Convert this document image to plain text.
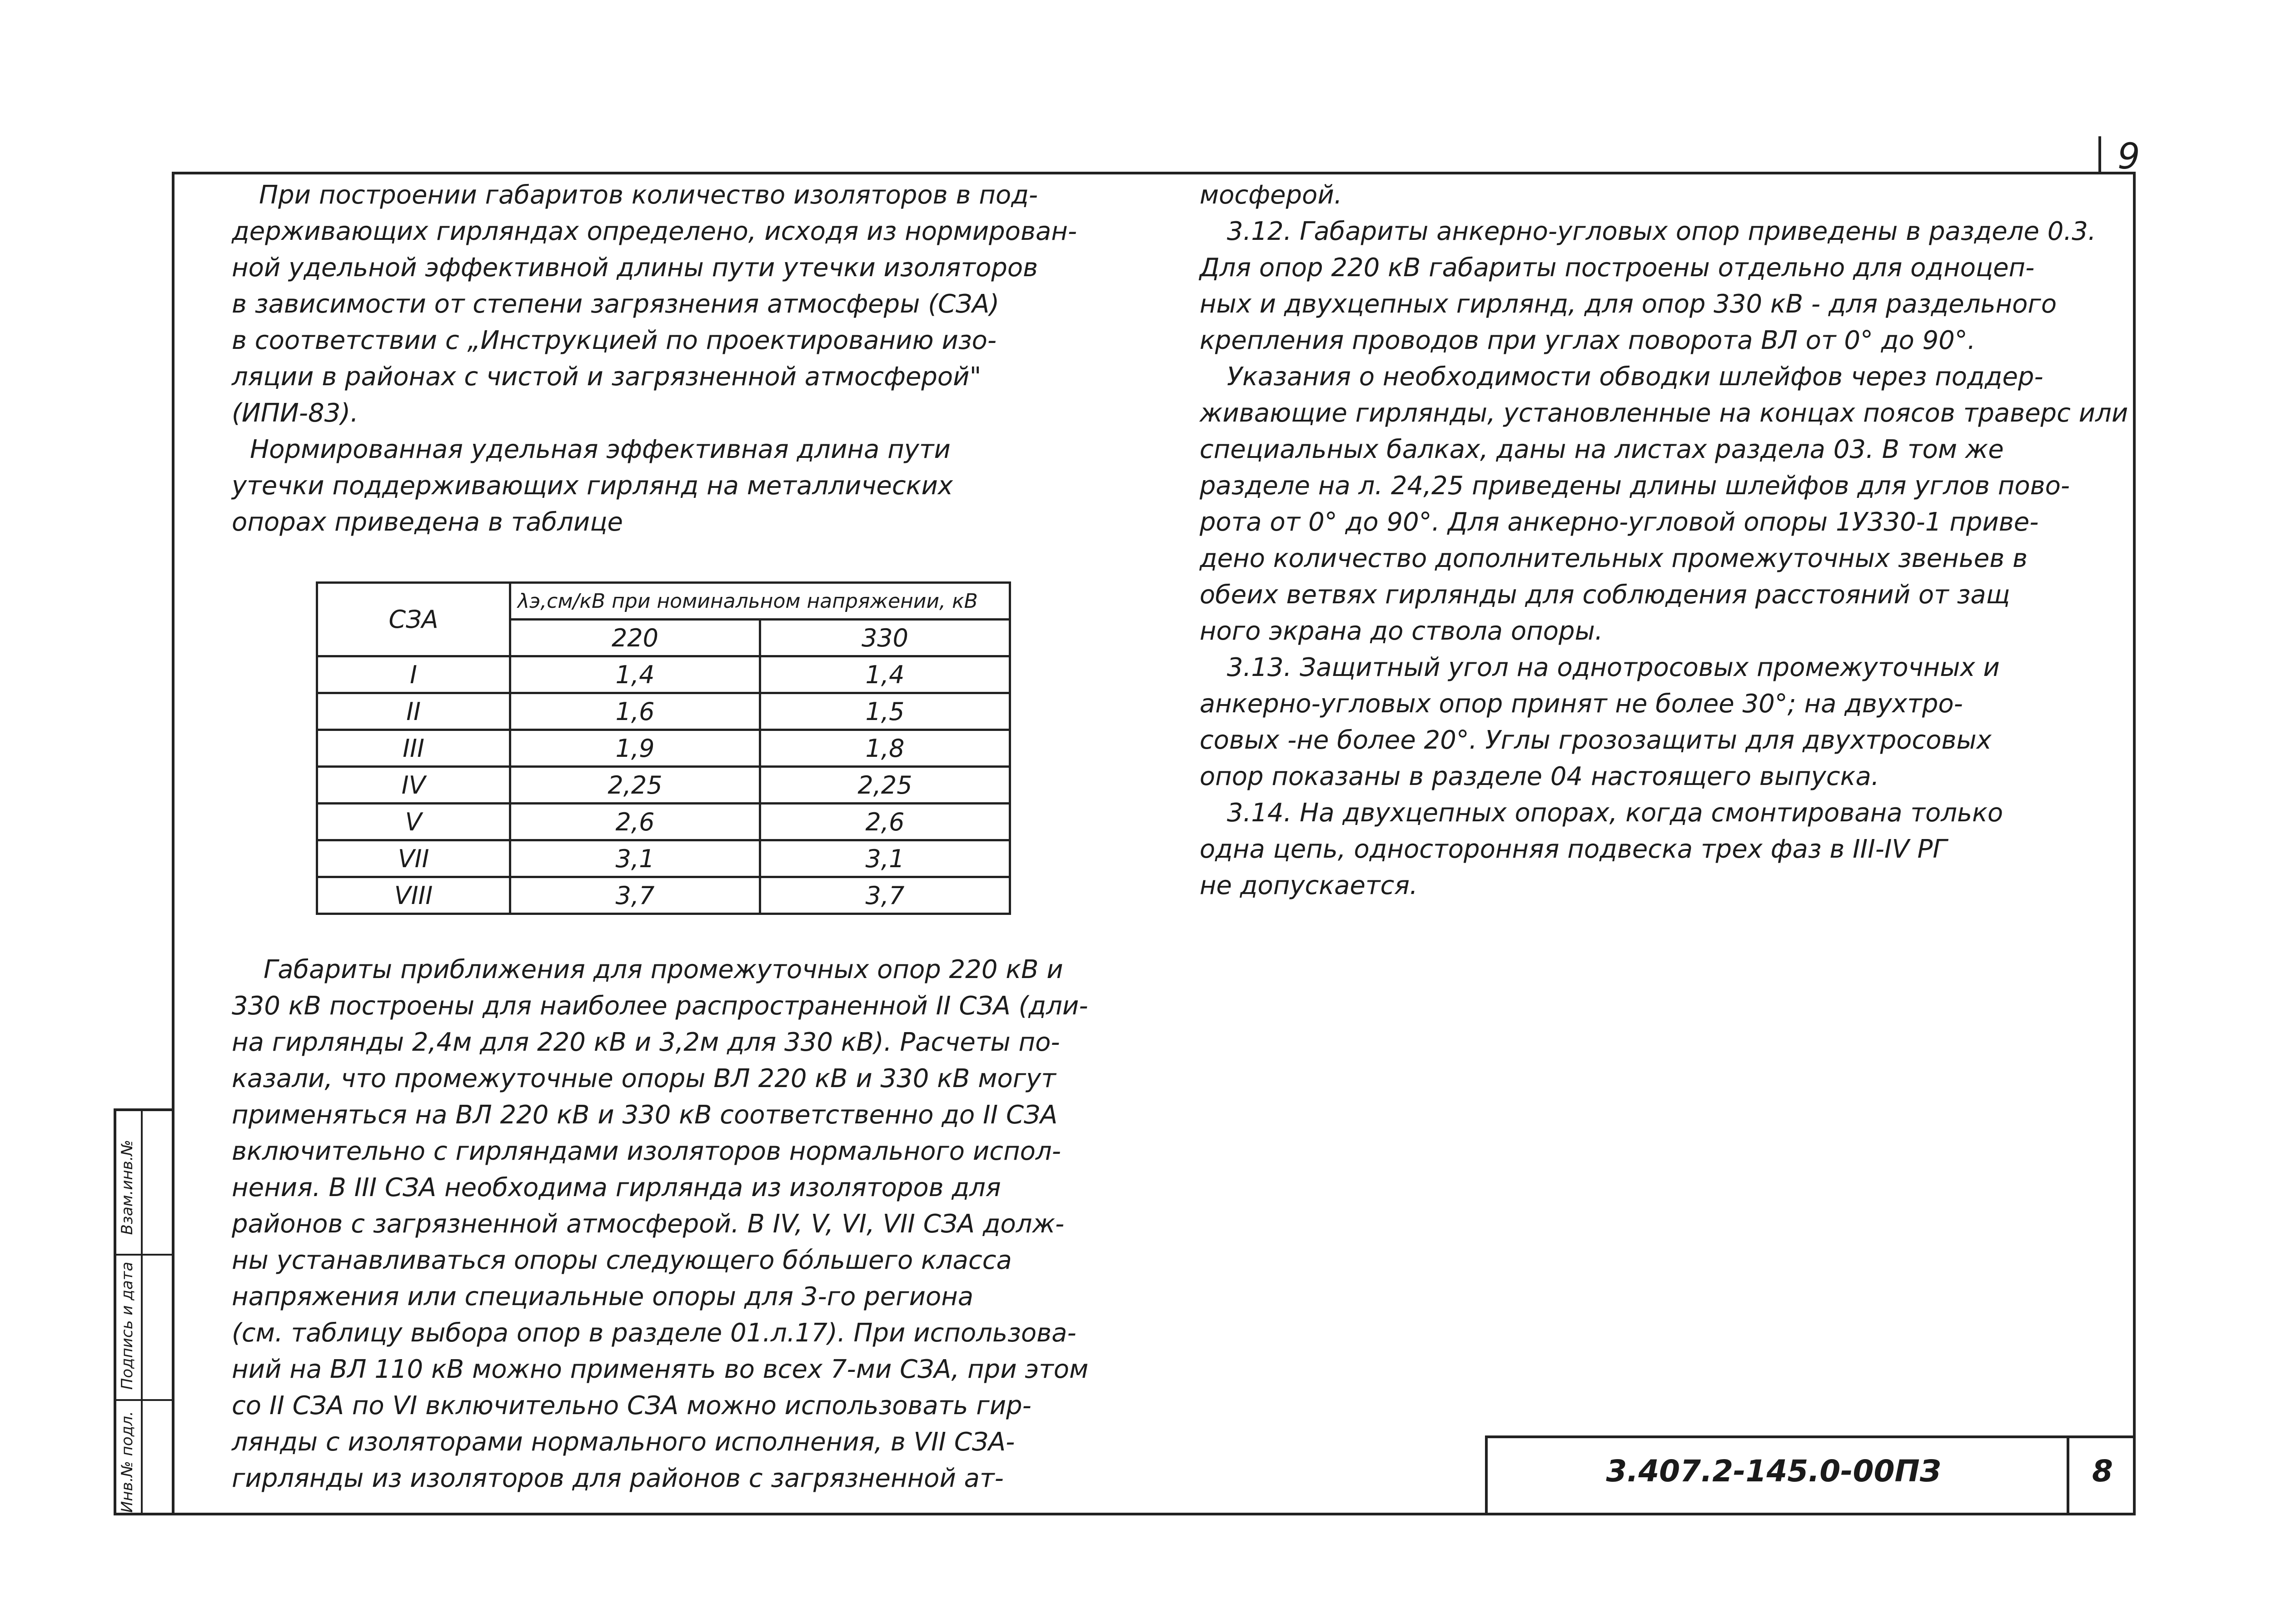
Инв.№ подл. Подпись и дата Взам.инв.№
9

При построении габаритов количество изоляторов в под-

держивающих гирляндах определено, исходя из нормирован-

ной удельной эффективной длины пути утечки изоляторов

в зависимости от степени загрязнения атмосферы (СЗА)

в соответствии с „Инструкцией по проектированию изо-

ляции в районах с чистой и загрязненной атмосферой"

(ИПИ-83).

Нормированная удельная эффективная длина пути

утечки поддерживающих гирлянд на металлических

опорах приведена в таблице

СЗА	λэ,см/кВ при номинальном напряжении, кВ	
	220	330
I	1,4	1,4
II	1,6	1,5
III	1,9	1,8
IV	2,25	2,25
V	2,6	2,6
VII	3,1	3,1
VIII	3,7	3,7

Габариты приближения для промежуточных опор 220 кВ и

330 кВ построены для наиболее распространенной II СЗА (дли-

на гирлянды 2,4м для 220 кВ и 3,2м для 330 кВ). Расчеты по-

казали, что промежуточные опоры ВЛ 220 кВ и 330 кВ могут

применяться на ВЛ 220 кВ и 330 кВ соответственно до II СЗА

включительно с гирляндами изоляторов нормального испол-

нения. В III СЗА необходима гирлянда из изоляторов для

районов с загрязненной атмосферой. В IV, V, VI, VII СЗА долж-

ны устанавливаться опоры следующего бо́льшего класса

напряжения или специальные опоры для 3-го региона

(см. таблицу выбора опор в разделе 01.л.17). При использова-

ний на ВЛ 110 кВ можно применять во всех 7-ми СЗА, при этом

со II СЗА по VI включительно СЗА можно использовать гир-

лянды с изоляторами нормального исполнения, в VII СЗА-

гирлянды из изоляторов для районов с загрязненной ат-

мосферой.

3.12. Габариты анкерно-угловых опор приведены в разделе 0.3.

Для опор 220 кВ габариты построены отдельно для одноцеп-

ных и двухцепных гирлянд, для опор 330 кВ - для раздельного

крепления проводов при углах поворота ВЛ от 0° до 90°.

Указания о необходимости обводки шлейфов через поддер-

живающие гирлянды, установленные на концах поясов траверс или

специальных балках, даны на листах раздела 03. В том же

разделе на л. 24,25 приведены длины шлейфов для углов пово-

рота от 0° до 90°. Для анкерно-угловой опоры 1У330-1 приве-

дено количество дополнительных промежуточных звеньев в

обеих ветвях гирлянды для соблюдения расстояний от защ

ного экрана до ствола опоры.

3.13. Защитный угол на однотросовых промежуточных и

анкерно-угловых опор принят не более 30°; на двухтро-

совых -не более 20°. Углы грозозащиты для двухтросовых

опор показаны в разделе 04 настоящего выпуска.

3.14. На двухцепных опорах, когда смонтирована только

одна цепь, односторонняя подвеска трех фаз в III-IV РГ

не допускается.

3.407.2-145.0-00ПЗ	8
